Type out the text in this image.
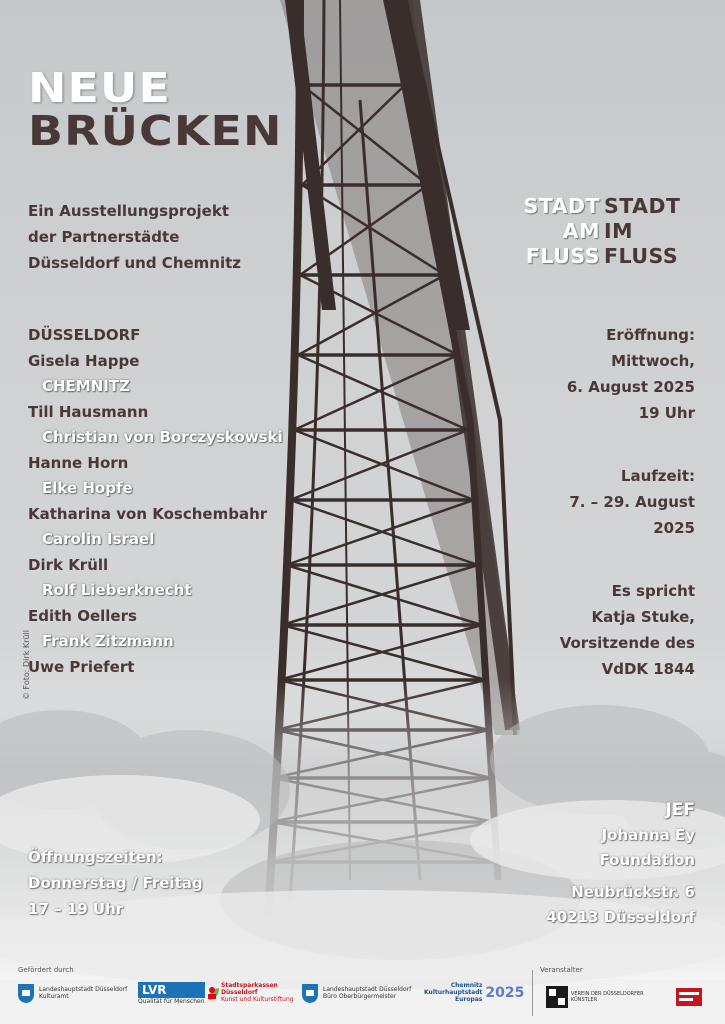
NEUE
BRÜCKEN
Ein Ausstellungsprojekt
der Partnerstädte
Düsseldorf und Chemnitz
DÜSSELDORF
Gisela Happe
CHEMNITZ
Till Hausmann
Christian von Borczyskowski
Hanne Horn
Elke Hopfe
Katharina von Koschembahr
Carolin Israel
Dirk Krüll
Rolf Lieberknecht
Edith Oellers
Frank Zitzmann
Uwe Priefert
STADT STADT
AM IM
FLUSS FLUSS
Eröffnung:
Mittwoch,
6. August 2025
19 Uhr
Laufzeit:
7. – 29. August
2025
Es spricht
Katja Stuke,
Vorsitzende des
VdDK 1844
© Foto: Dirk Krüll
Öffnungszeiten:
Donnerstag / Freitag
17 – 19 Uhr
JEF
Johanna Ey
Foundation
Neubrückstr. 6
40213 Düsseldorf
Gefördert durch	Veranstalter
Landeshauptstadt Düsseldorf
Kulturamt	LVR
Qualität für Menschen
Stadtsparkassen
Düsseldorf
Kunst und Kulturstiftung
Landeshauptstadt Düsseldorf
Büro Oberbürgermeister
Chemnitz
Kulturhauptstadt
Europas 2025	VEREIN DER DÜSSELDORFER KÜNSTLER
